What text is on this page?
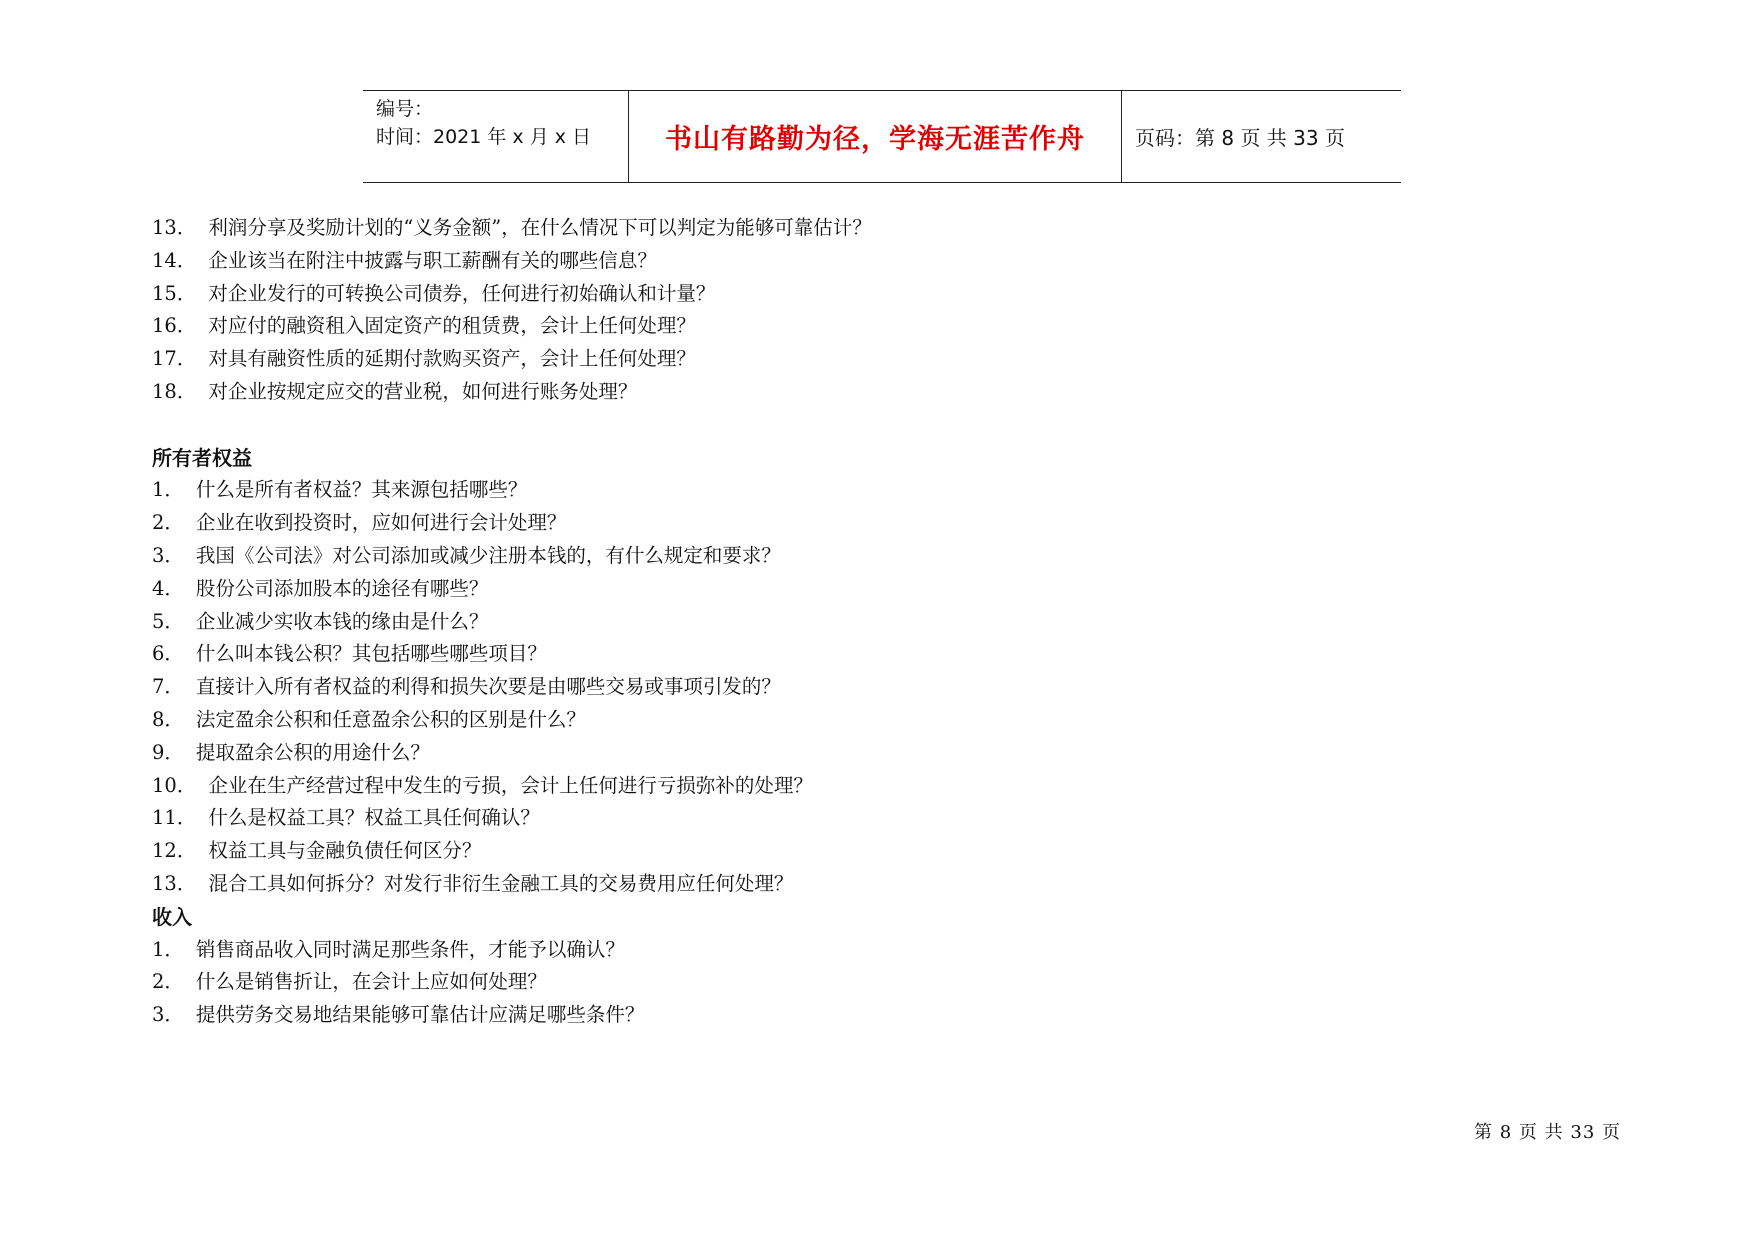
编号：
时间：2021 年 x 月 x 日	书山有路勤为径，学海无涯苦作舟	页码：第 8 页 共 33 页
13． 利润分享及奖励计划的“义务金额”，在什么情况下可以判定为能够可靠估计？
14． 企业该当在附注中披露与职工薪酬有关的哪些信息？
15． 对企业发行的可转换公司债券，任何进行初始确认和计量？
16． 对应付的融资租入固定资产的租赁费，会计上任何处理？
17． 对具有融资性质的延期付款购买资产，会计上任何处理？
18． 对企业按规定应交的营业税，如何进行账务处理？
所有者权益
1． 什么是所有者权益？其来源包括哪些？
2． 企业在收到投资时，应如何进行会计处理？
3． 我国《公司法》对公司添加或减少注册本钱的，有什么规定和要求？
4． 股份公司添加股本的途径有哪些？
5． 企业减少实收本钱的缘由是什么？
6． 什么叫本钱公积？其包括哪些哪些项目？
7． 直接计入所有者权益的利得和损失次要是由哪些交易或事项引发的？
8． 法定盈余公积和任意盈余公积的区别是什么？
9． 提取盈余公积的用途什么？
10． 企业在生产经营过程中发生的亏损，会计上任何进行亏损弥补的处理？
11． 什么是权益工具？权益工具任何确认？
12． 权益工具与金融负债任何区分？
13． 混合工具如何拆分？对发行非衍生金融工具的交易费用应任何处理？
收入
1． 销售商品收入同时满足那些条件，才能予以确认？
2． 什么是销售折让，在会计上应如何处理？
3． 提供劳务交易地结果能够可靠估计应满足哪些条件？
第 8 页 共 33 页
